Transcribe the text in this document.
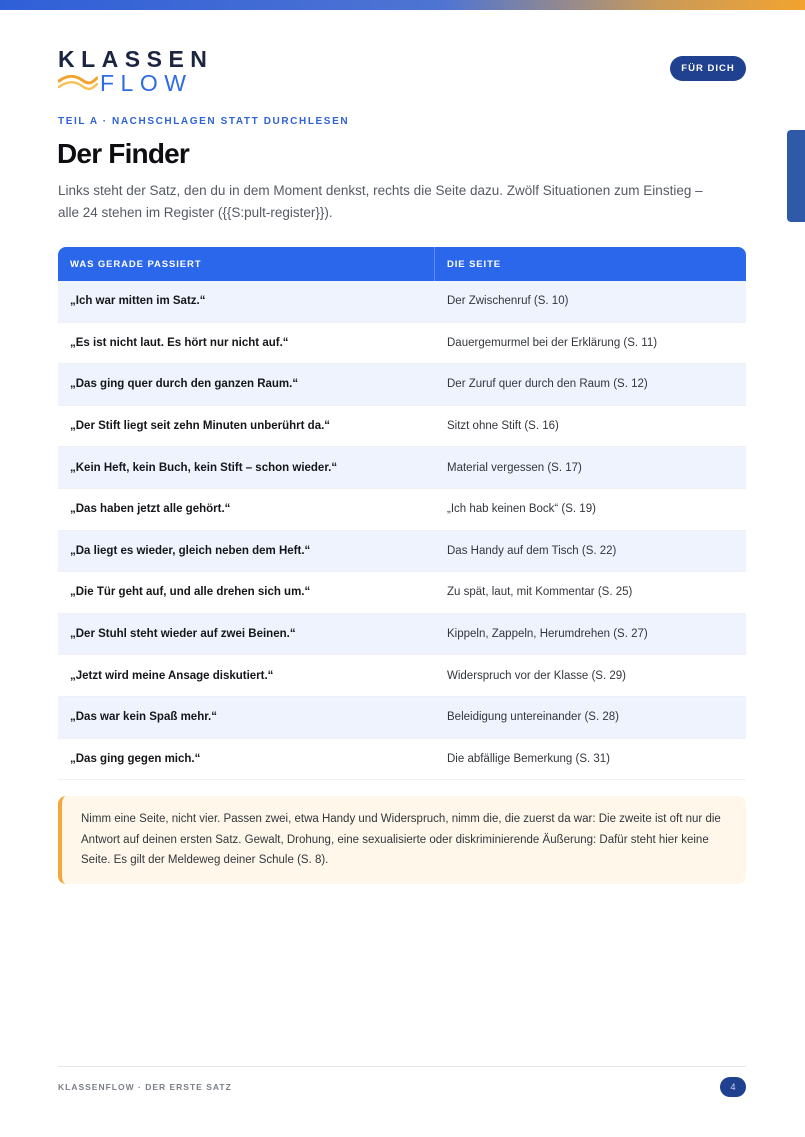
KLASSEN
FLOW
FÜR DICH
TEIL A · NACHSCHLAGEN STATT DURCHLESEN
Der Finder

Links steht der Satz, den du in dem Moment denkst, rechts die Seite dazu. Zwölf Situationen zum Einstieg – alle 24 stehen im Register ({{S:pult-register}}).

WAS GERADE PASSIERT	DIE SEITE
„Ich war mitten im Satz.“	Der Zwischenruf (S. 10)
„Es ist nicht laut. Es hört nur nicht auf.“	Dauergemurmel bei der Erklärung (S. 11)
„Das ging quer durch den ganzen Raum.“	Der Zuruf quer durch den Raum (S. 12)
„Der Stift liegt seit zehn Minuten unberührt da.“	Sitzt ohne Stift (S. 16)
„Kein Heft, kein Buch, kein Stift – schon wieder.“	Material vergessen (S. 17)
„Das haben jetzt alle gehört.“	„Ich hab keinen Bock“ (S. 19)
„Da liegt es wieder, gleich neben dem Heft.“	Das Handy auf dem Tisch (S. 22)
„Die Tür geht auf, und alle drehen sich um.“	Zu spät, laut, mit Kommentar (S. 25)
„Der Stuhl steht wieder auf zwei Beinen.“	Kippeln, Zappeln, Herumdrehen (S. 27)
„Jetzt wird meine Ansage diskutiert.“	Widerspruch vor der Klasse (S. 29)
„Das war kein Spaß mehr.“	Beleidigung untereinander (S. 28)
„Das ging gegen mich.“	Die abfällige Bemerkung (S. 31)
Nimm eine Seite, nicht vier. Passen zwei, etwa Handy und Widerspruch, nimm die, die zuerst da war: Die zweite ist oft nur die Antwort auf deinen ersten Satz. Gewalt, Drohung, eine sexualisierte oder diskriminierende Äußerung: Dafür steht hier keine Seite. Es gilt der Meldeweg deiner Schule (S. 8).
KLASSENFLOW · DER ERSTE SATZ	4
